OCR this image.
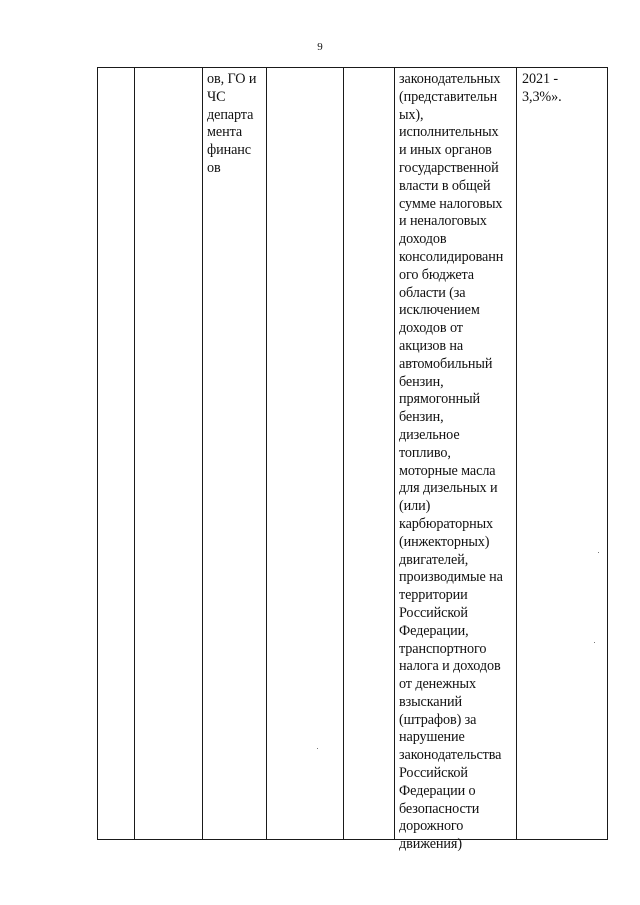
9
ов, ГО и
ЧС
департа
мента
финанс
ов
законодательных
(представительн
ых),
исполнительных
и иных органов
государственной
власти в общей
сумме налоговых
и неналоговых
доходов
консолидированн
ого бюджета
области (за
исключением
доходов от
акцизов на
автомобильный
бензин,
прямогонный
бензин,
дизельное
топливо,
моторные масла
для дизельных и
(или)
карбюраторных
(инжекторных)
двигателей,
производимые на
территории
Российской
Федерации,
транспортного
налога и доходов
от денежных
взысканий
(штрафов) за
нарушение
законодательства
Российской
Федерации о
безопасности
дорожного
движения)
2021 -
3,3%».
